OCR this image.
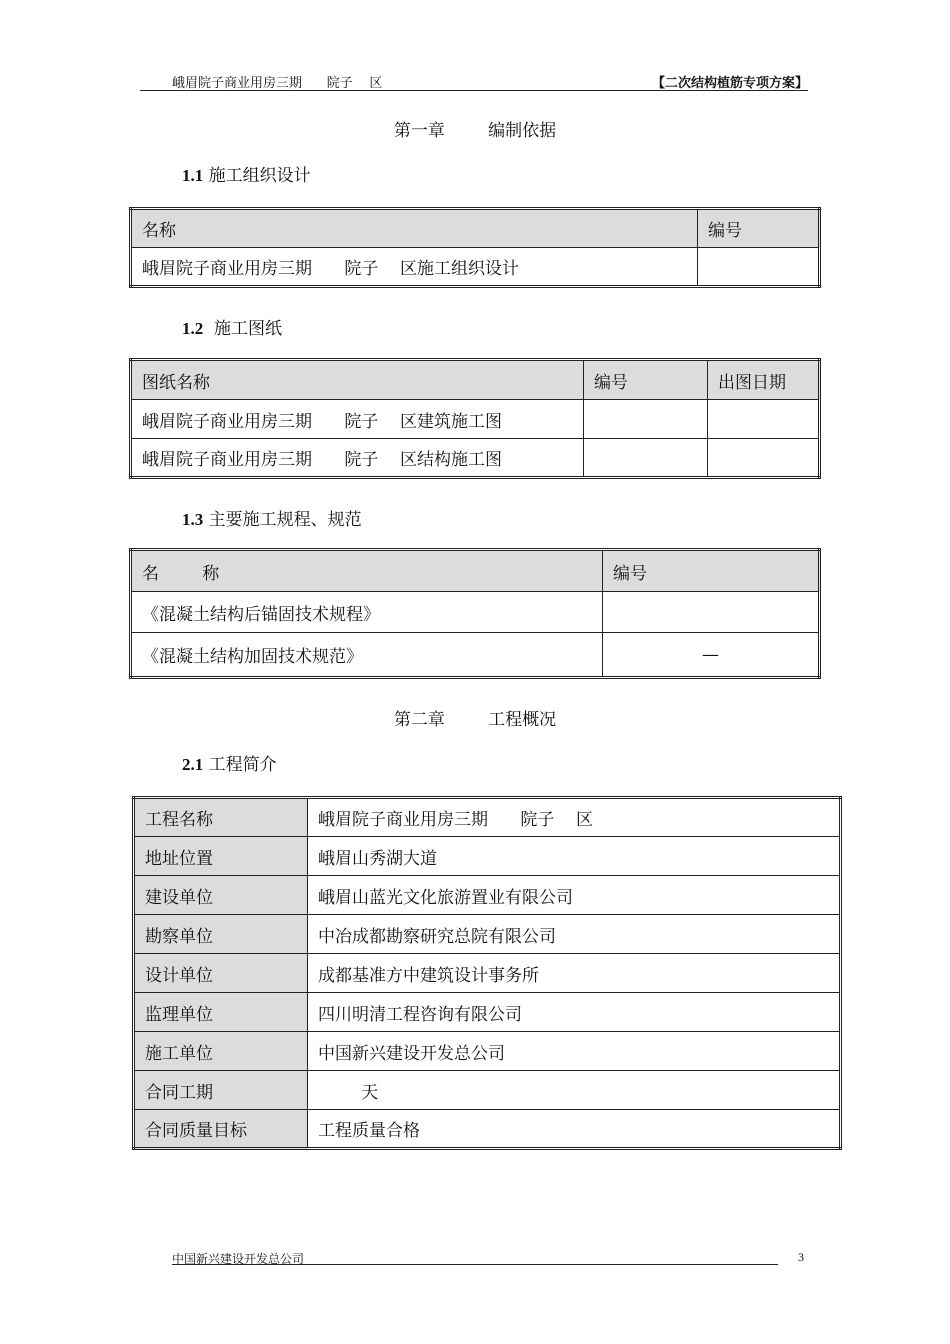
峨眉院子商业用房三期      院子    区	【二次结构植筋专项方案】
第一章        编制依据
1.1 施工组织设计
名称	编号
峨眉院子商业用房三期      院子    区施工组织设计	
1.2  施工图纸
图纸名称	编号	出图日期
峨眉院子商业用房三期      院子    区建筑施工图		
峨眉院子商业用房三期      院子    区结构施工图		
1.3 主要施工规程、规范
名        称	编号
《混凝土结构后锚固技术规程》	
《混凝土结构加固技术规范》	—
第二章        工程概况
2.1 工程简介
工程名称	峨眉院子商业用房三期      院子    区
地址位置	峨眉山秀湖大道
建设单位	峨眉山蓝光文化旅游置业有限公司
勘察单位	中冶成都勘察研究总院有限公司
设计单位	成都基准方中建筑设计事务所
监理单位	四川明清工程咨询有限公司
施工单位	中国新兴建设开发总公司
合同工期	天
合同质量目标	工程质量合格
中国新兴建设开发总公司	3
